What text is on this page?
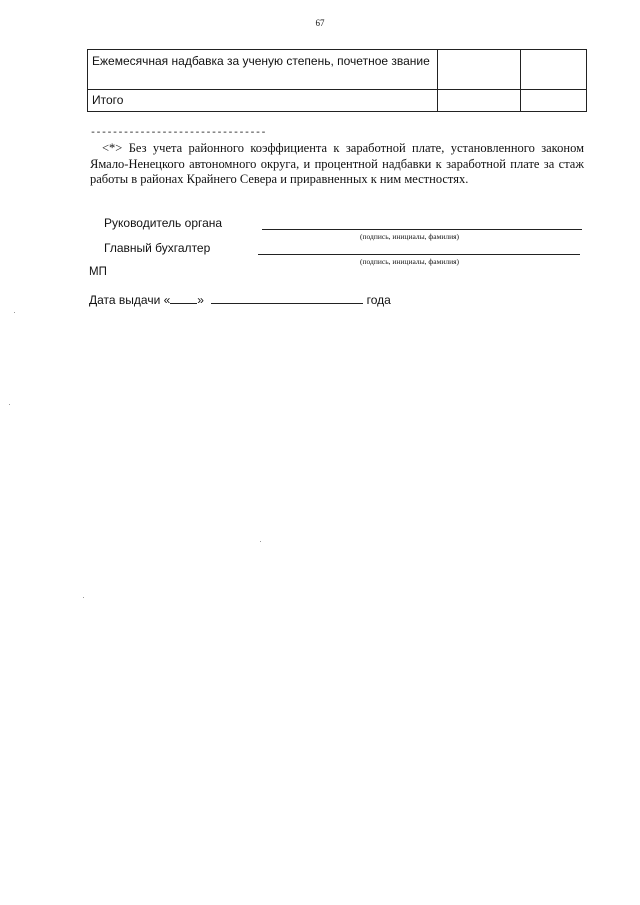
67
Ежемесячная надбавка за ученую степень, почетное звание		
Итого		
--------------------------------
<*> Без учета районного коэффициента к заработной плате, установленного законом Ямало-Ненецкого автономного округа, и процентной надбавки к заработной плате за стаж работы в районах Крайнего Севера и приравненных к ним местностях.
Руководитель органа
(подпись, инициалы, фамилия)
Главный бухгалтер
(подпись, инициалы, фамилия)
МП
Дата выдачи « »	года
